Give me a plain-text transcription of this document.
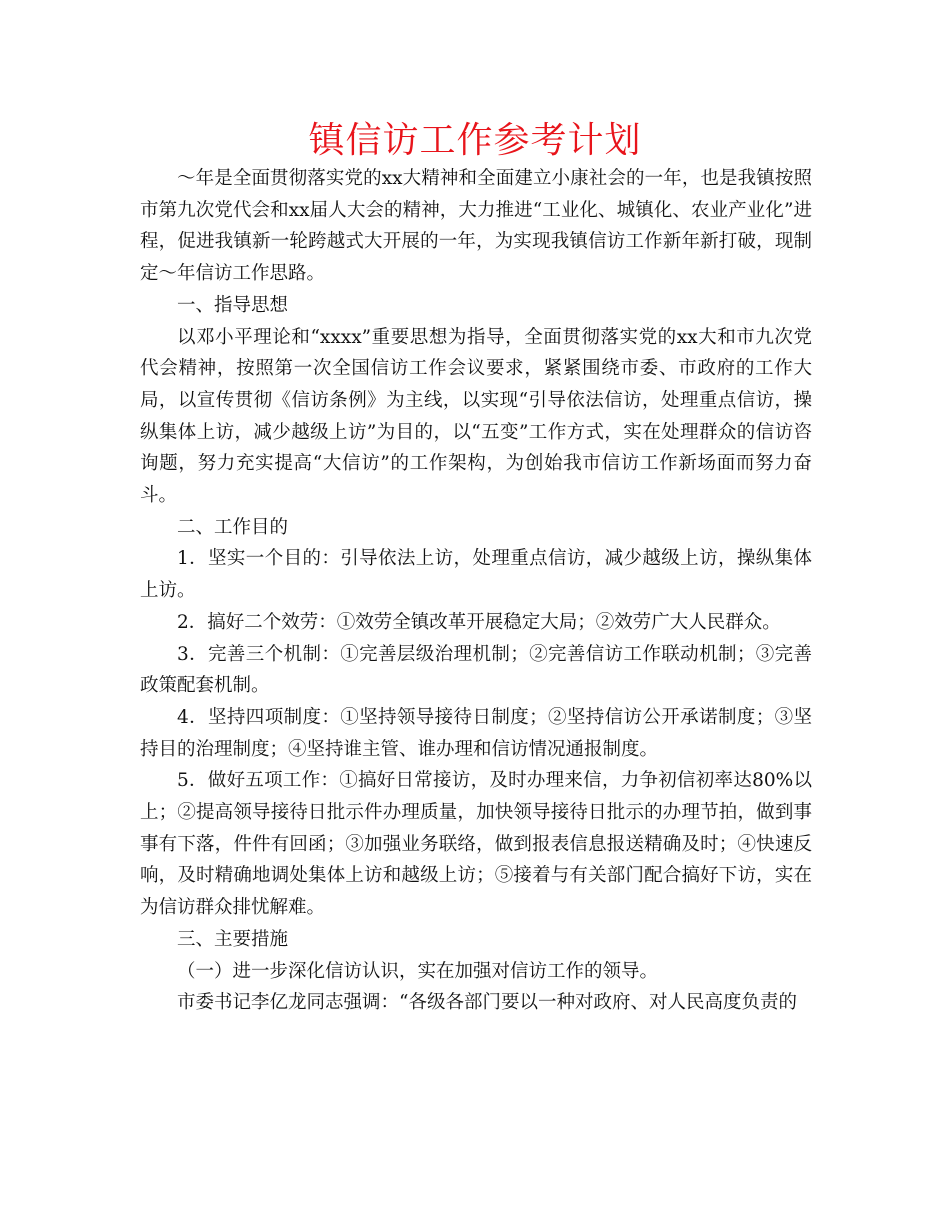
镇信访工作参考计划

～年是全面贯彻落实党的xx大精神和全面建立小康社会的一年，也是我镇按照市第九次党代会和xx届人大会的精神，大力推进“工业化、城镇化、农业产业化”进程，促进我镇新一轮跨越式大开展的一年，为实现我镇信访工作新年新打破，现制定～年信访工作思路。

一、指导思想

以邓小平理论和“xxxx”重要思想为指导，全面贯彻落实党的xx大和市九次党代会精神，按照第一次全国信访工作会议要求，紧紧围绕市委、市政府的工作大局，以宣传贯彻《信访条例》为主线，以实现“引导依法信访，处理重点信访，操纵集体上访，减少越级上访”为目的，以“五变”工作方式，实在处理群众的信访咨询题，努力充实提高“大信访”的工作架构，为创始我市信访工作新场面而努力奋斗。

二、工作目的

1．坚实一个目的：引导依法上访，处理重点信访，减少越级上访，操纵集体上访。

2．搞好二个效劳：①效劳全镇改革开展稳定大局；②效劳广大人民群众。

3．完善三个机制：①完善层级治理机制；②完善信访工作联动机制；③完善政策配套机制。

4．坚持四项制度：①坚持领导接待日制度；②坚持信访公开承诺制度；③坚持目的治理制度；④坚持谁主管、谁办理和信访情况通报制度。

5．做好五项工作：①搞好日常接访，及时办理来信，力争初信初率达80%以上；②提高领导接待日批示件办理质量，加快领导接待日批示的办理节拍，做到事事有下落，件件有回函；③加强业务联络，做到报表信息报送精确及时；④快速反响，及时精确地调处集体上访和越级上访；⑤接着与有关部门配合搞好下访，实在为信访群众排忧解难。

三、主要措施

（一）进一步深化信访认识，实在加强对信访工作的领导。

市委书记李亿龙同志强调：“各级各部门要以一种对政府、对人民高度负责的
